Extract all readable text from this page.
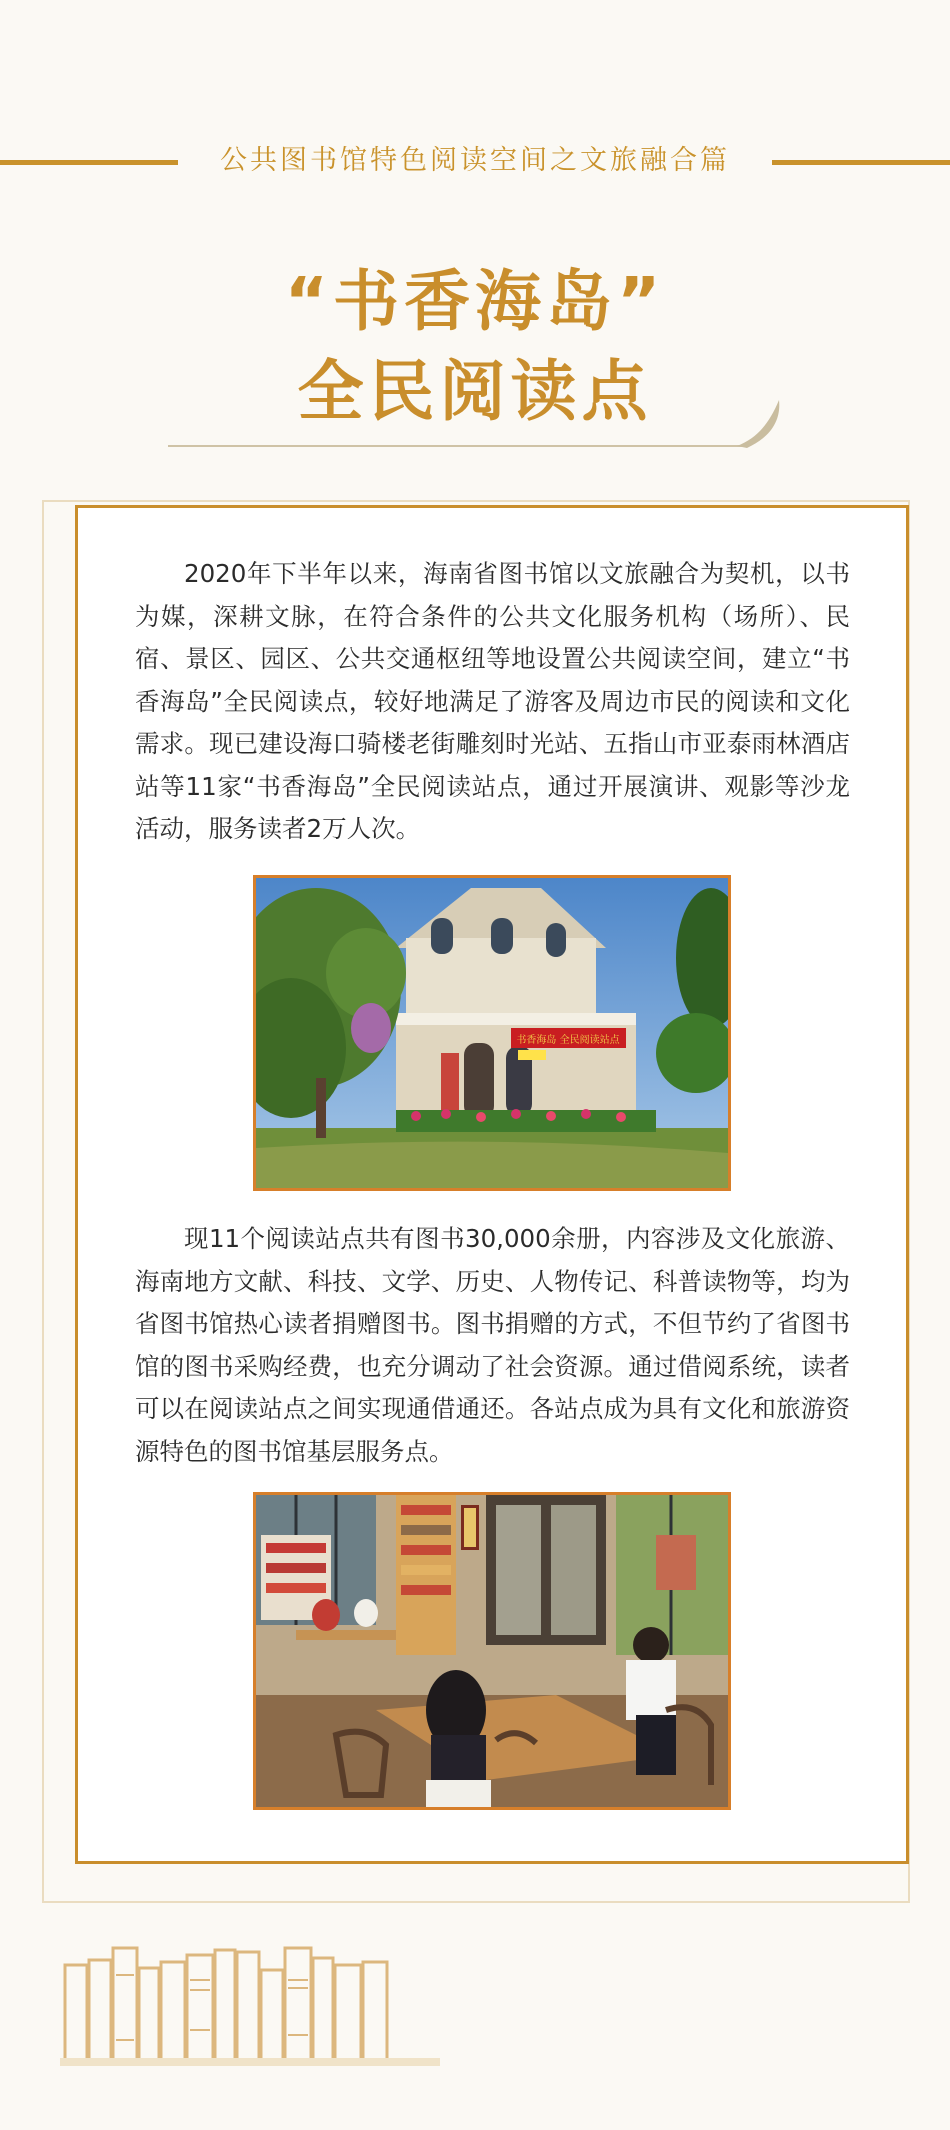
公共图书馆特色阅读空间之文旅融合篇
“书香海岛”
全民阅读点

2020年下半年以来，海南省图书馆以文旅融合为契机，以书为媒，深耕文脉，在符合条件的公共文化服务机构（场所）、民宿、景区、园区、公共交通枢纽等地设置公共阅读空间，建立“书香海岛”全民阅读点，较好地满足了游客及周边市民的阅读和文化需求。现已建设海口骑楼老街雕刻时光站、五指山市亚泰雨林酒店站等11家“书香海岛”全民阅读站点，通过开展演讲、观影等沙龙活动，服务读者2万人次。

书香海岛 全民阅读站点

现11个阅读站点共有图书30,000余册，内容涉及文化旅游、海南地方文献、科技、文学、历史、人物传记、科普读物等，均为省图书馆热心读者捐赠图书。图书捐赠的方式，不但节约了省图书馆的图书采购经费，也充分调动了社会资源。通过借阅系统，读者可以在阅读站点之间实现通借通还。各站点成为具有文化和旅游资源特色的图书馆基层服务点。
